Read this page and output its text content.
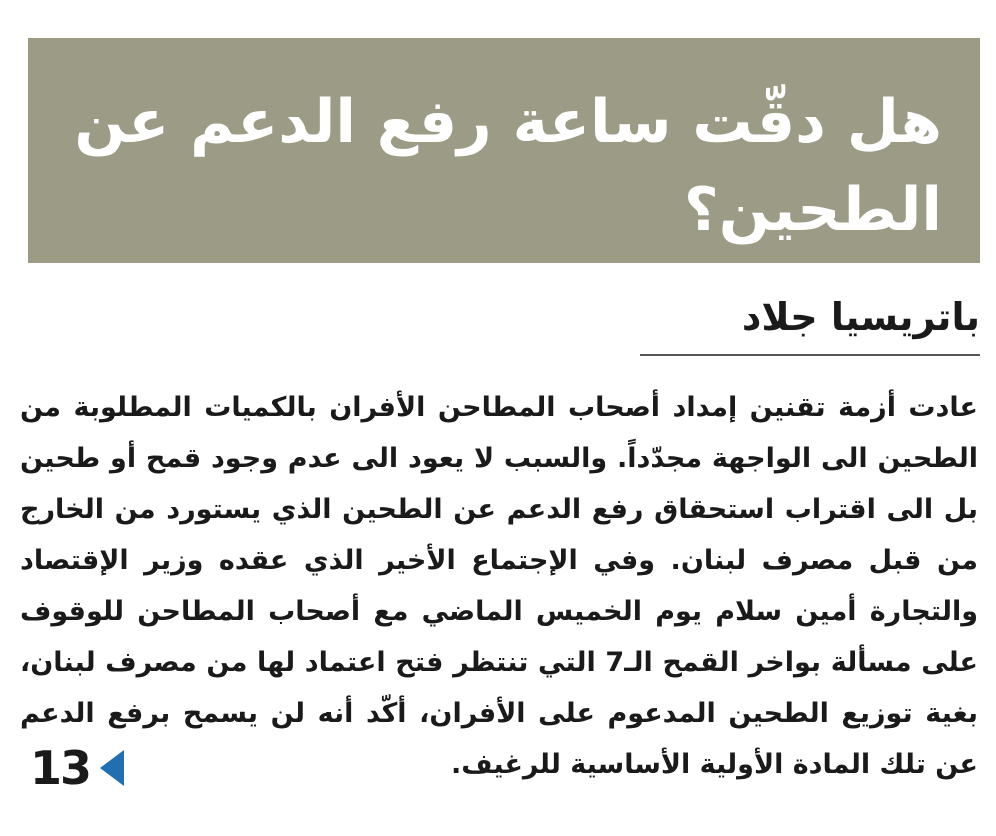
هل دقّت ساعة رفع الدعم عن الطحين؟
باتريسيا جلاد

عادت أزمة تقنين إمداد أصحاب المطاحن الأفران بالكميات المطلوبة من الطحين الى الواجهة مجدّداً. والسبب لا يعود الى عدم وجود قمح أو طحين بل الى اقتراب استحقاق رفع الدعم عن الطحين الذي يستورد من الخارج من قبل مصرف لبنان. وفي الإجتماع الأخير الذي عقده وزير الإقتصاد والتجارة أمين سلام يوم الخميس الماضي مع أصحاب المطاحن للوقوف على مسألة بواخر القمح الـ7 التي تنتظر فتح اعتماد لها من مصرف لبنان، بغية توزيع الطحين المدعوم على الأفران، أكّد أنه لن يسمح برفع الدعم عن تلك المادة الأولية الأساسية للرغيف.

13
